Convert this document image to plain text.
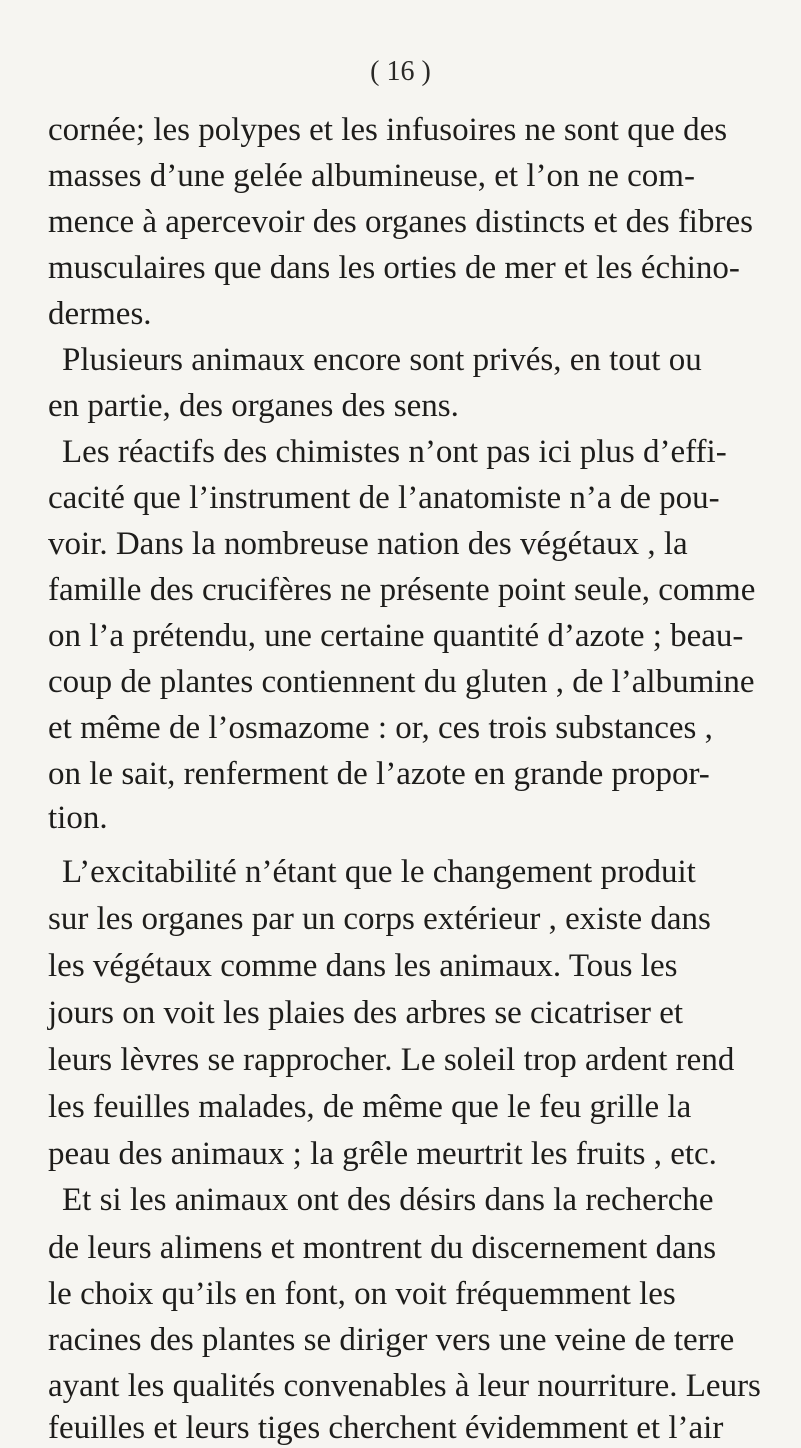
( 16 )
cornée; les polypes et les infusoires ne sont que des
masses d’une gelée albumineuse, et l’on ne com-
mence à apercevoir des organes distincts et des fibres
musculaires que dans les orties de mer et les échino-
dermes.
Plusieurs animaux encore sont privés, en tout ou
en partie, des organes des sens.
Les réactifs des chimistes n’ont pas ici plus d’effi-
cacité que l’instrument de l’anatomiste n’a de pou-
voir. Dans la nombreuse nation des végétaux , la
famille des crucifères ne présente point seule, comme
on l’a prétendu, une certaine quantité d’azote ; beau-
coup de plantes contiennent du gluten , de l’albumine
et même de l’osmazome : or, ces trois substances ,
on le sait, renferment de l’azote en grande propor-
tion.
L’excitabilité n’étant que le changement produit
sur les organes par un corps extérieur , existe dans
les végétaux comme dans les animaux. Tous les
jours on voit les plaies des arbres se cicatriser et
leurs lèvres se rapprocher. Le soleil trop ardent rend
les feuilles malades, de même que le feu grille la
peau des animaux ; la grêle meurtrit les fruits , etc.
Et si les animaux ont des désirs dans la recherche
de leurs alimens et montrent du discernement dans
le choix qu’ils en font, on voit fréquemment les
racines des plantes se diriger vers une veine de terre
ayant les qualités convenables à leur nourriture. Leurs
feuilles et leurs tiges cherchent évidemment et l’air
